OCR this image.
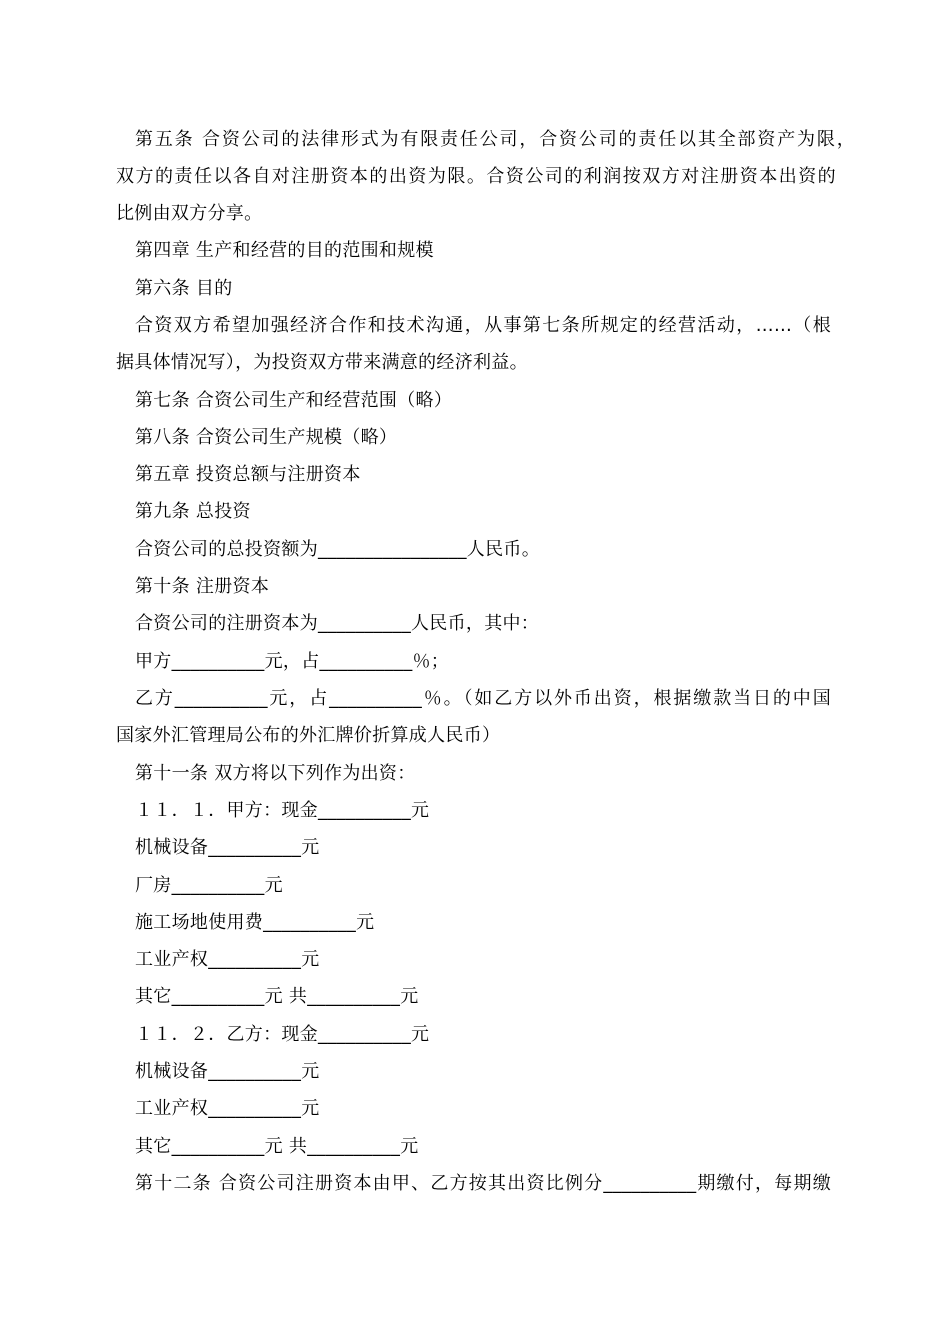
第五条 合资公司的法律形式为有限责任公司，合资公司的责任以其全部资产为限，
双方的责任以各自对注册资本的出资为限。合资公司的利润按双方对注册资本出资的
比例由双方分享。
第四章 生产和经营的目的范围和规模
第六条 目的
合资双方希望加强经济合作和技术沟通，从事第七条所规定的经营活动，……（根
据具体情况写），为投资双方带来满意的经济利益。
第七条 合资公司生产和经营范围（略）
第八条 合资公司生产规模（略）
第五章 投资总额与注册资本
第九条 总投资
合资公司的总投资额为________________人民币。
第十条 注册资本
合资公司的注册资本为__________人民币，其中：
甲方__________元，占__________％；
乙方__________元，占__________％。（如乙方以外币出资，根据缴款当日的中国
国家外汇管理局公布的外汇牌价折算成人民币）
第十一条 双方将以下列作为出资：
１１．１．甲方：现金__________元
机械设备__________元
厂房__________元
施工场地使用费__________元
工业产权__________元
其它__________元 共__________元
１１．２．乙方：现金__________元
机械设备__________元
工业产权__________元
其它__________元 共__________元
第十二条 合资公司注册资本由甲、乙方按其出资比例分__________期缴付，每期缴
